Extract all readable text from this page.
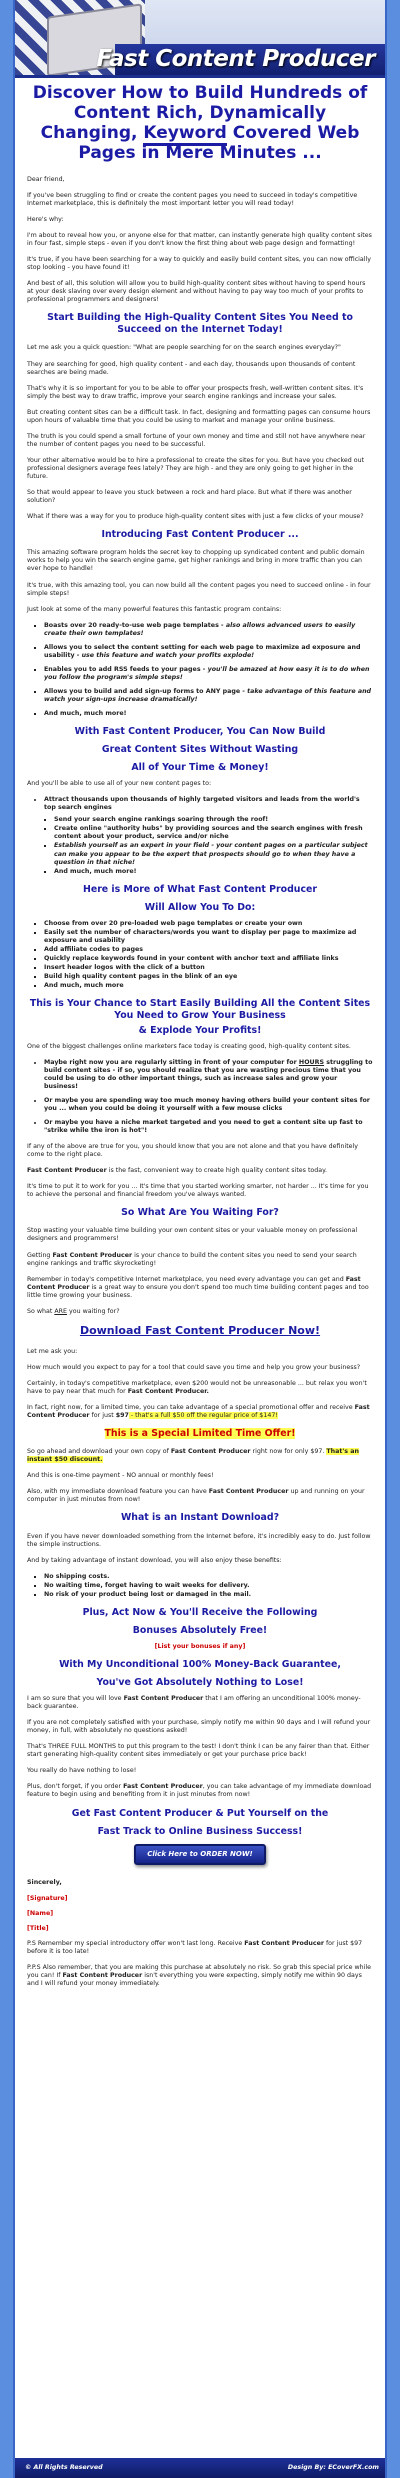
Fast Content Producer
Discover How to Build Hundreds of Content Rich, Dynamically Changing, Keyword Covered Web Pages in Mere Minutes ...

Dear friend,

If you've been struggling to find or create the content pages you need to succeed in today's competitive Internet marketplace, this is definitely the most important letter you will read today!

Here's why:

I'm about to reveal how you, or anyone else for that matter, can instantly generate high quality content sites in four fast, simple steps - even if you don't know the first thing about web page design and formatting!

It's true, if you have been searching for a way to quickly and easily build content sites, you can now officially stop looking - you have found it!

And best of all, this solution will allow you to build high-quality content sites without having to spend hours at your desk slaving over every design element and without having to pay way too much of your profits to professional programmers and designers!

Start Building the High-Quality Content Sites You Need to Succeed on the Internet Today!

Let me ask you a quick question: "What are people searching for on the search engines everyday?"

They are searching for good, high quality content - and each day, thousands upon thousands of content searches are being made.

That's why it is so important for you to be able to offer your prospects fresh, well-written content sites. It's simply the best way to draw traffic, improve your search engine rankings and increase your sales.

But creating content sites can be a difficult task. In fact, designing and formatting pages can consume hours upon hours of valuable time that you could be using to market and manage your online business.

The truth is you could spend a small fortune of your own money and time and still not have anywhere near the number of content pages you need to be successful.

Your other alternative would be to hire a professional to create the sites for you. But have you checked out professional designers average fees lately? They are high - and they are only going to get higher in the future.

So that would appear to leave you stuck between a rock and hard place. But what if there was another solution?

What if there was a way for you to produce high-quality content sites with just a few clicks of your mouse?

Introducing Fast Content Producer ...

This amazing software program holds the secret key to chopping up syndicated content and public domain works to help you win the search engine game, get higher rankings and bring in more traffic than you can ever hope to handle!

It's true, with this amazing tool, you can now build all the content pages you need to succeed online - in four simple steps!

Just look at some of the many powerful features this fantastic program contains:

▪ Boasts over 20 ready-to-use web page templates - also allows advanced users to easily create their own templates!
▪ Allows you to select the content setting for each web page to maximize ad exposure and usability - use this feature and watch your profits explode!
▪ Enables you to add RSS feeds to your pages - you'll be amazed at how easy it is to do when you follow the program's simple steps!
▪ Allows you to build and add sign-up forms to ANY page - take advantage of this feature and watch your sign-ups increase dramatically!
▪ And much, much more!
With Fast Content Producer, You Can Now Build
Great Content Sites Without Wasting
All of Your Time & Money!

And you'll be able to use all of your new content pages to:

• Attract thousands upon thousands of highly targeted visitors and leads from the world's top search engines
▪ Send your search engine rankings soaring through the roof!
▪ Create online "authority hubs" by providing sources and the search engines with fresh content about your product, service and/or niche
▪ Establish yourself as an expert in your field - your content pages on a particular subject can make you appear to be the expert that prospects should go to when they have a question in that niche!
▪ And much, much more!
Here is More of What Fast Content Producer
Will Allow You To Do:
▪ Choose from over 20 pre-loaded web page templates or create your own
▪ Easily set the number of characters/words you want to display per page to maximize ad exposure and usability
▪ Add affiliate codes to pages
▪ Quickly replace keywords found in your content with anchor text and affiliate links
▪ Insert header logos with the click of a button
▪ Build high quality content pages in the blink of an eye
▪ And much, much more
This is Your Chance to Start Easily Building All the Content Sites You Need to Grow Your Business
& Explode Your Profits!

One of the biggest challenges online marketers face today is creating good, high-quality content sites.

• Maybe right now you are regularly sitting in front of your computer for HOURS struggling to build content sites - if so, you should realize that you are wasting precious time that you could be using to do other important things, such as increase sales and grow your business!
• Or maybe you are spending way too much money having others build your content sites for you ... when you could be doing it yourself with a few mouse clicks
• Or maybe you have a niche market targeted and you need to get a content site up fast to "strike while the iron is hot"!

If any of the above are true for you, you should know that you are not alone and that you have definitely come to the right place.

Fast Content Producer is the fast, convenient way to create high quality content sites today.

It's time to put it to work for you ... It's time that you started working smarter, not harder ... It's time for you to achieve the personal and financial freedom you've always wanted.

So What Are You Waiting For?

Stop wasting your valuable time building your own content sites or your valuable money on professional designers and programmers!

Getting Fast Content Producer is your chance to build the content sites you need to send your search engine rankings and traffic skyrocketing!

Remember in today's competitive Internet marketplace, you need every advantage you can get and Fast Content Producer is a great way to ensure you don't spend too much time building content pages and too little time growing your business.

So what ARE you waiting for?

Download Fast Content Producer Now!

Let me ask you:

How much would you expect to pay for a tool that could save you time and help you grow your business?

Certainly, in today's competitive marketplace, even $200 would not be unreasonable ... but relax you won't have to pay near that much for Fast Content Producer.

In fact, right now, for a limited time, you can take advantage of a special promotional offer and receive Fast Content Producer for just $97 - that's a full $50 off the regular price of $147!

This is a Special Limited Time Offer!

So go ahead and download your own copy of Fast Content Producer right now for only $97. That's an instant $50 discount.

And this is one-time payment - NO annual or monthly fees!

Also, with my immediate download feature you can have Fast Content Producer up and running on your computer in just minutes from now!

What is an Instant Download?

Even if you have never downloaded something from the Internet before, it's incredibly easy to do. Just follow the simple instructions.

And by taking advantage of instant download, you will also enjoy these benefits:

▪ No shipping costs.
▪ No waiting time, forget having to wait weeks for delivery.
▪ No risk of your product being lost or damaged in the mail.
Plus, Act Now & You'll Receive the Following
Bonuses Absolutely Free!
[List your bonuses if any]
With My Unconditional 100% Money-Back Guarantee,
You've Got Absolutely Nothing to Lose!

I am so sure that you will love Fast Content Producer that I am offering an unconditional 100% money-back guarantee.

If you are not completely satisfied with your purchase, simply notify me within 90 days and I will refund your money, in full, with absolutely no questions asked!

That's THREE FULL MONTHS to put this program to the test! I don't think I can be any fairer than that. Either start generating high-quality content sites immediately or get your purchase price back!

You really do have nothing to lose!

Plus, don't forget, if you order Fast Content Producer, you can take advantage of my immediate download feature to begin using and benefiting from it in just minutes from now!

Get Fast Content Producer & Put Yourself on the
Fast Track to Online Business Success!
Click Here to ORDER NOW!

Sincerely,

[Signature]
[Name]
[Title]

P.S Remember my special introductory offer won't last long. Receive Fast Content Producer for just $97 before it is too late!

P.P.S Also remember, that you are making this purchase at absolutely no risk. So grab this special price while you can! If Fast Content Producer isn't everything you were expecting, simply notify me within 90 days and I will refund your money immediately.

© All Rights Reserved	Design By: ECoverFX.com
